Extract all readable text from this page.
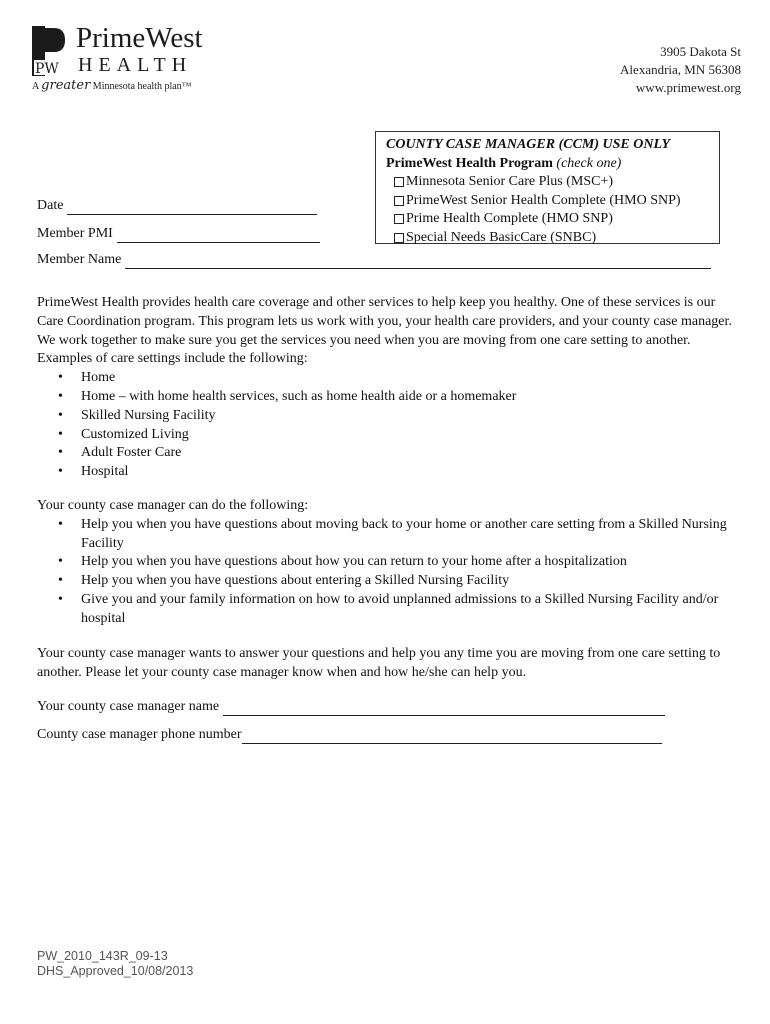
PW
PrimeWest
HEALTH
A greater Minnesota health plan™
3905 Dakota St
Alexandria, MN 56308
www.primewest.org
COUNTY CASE MANAGER (CCM) USE ONLY
PrimeWest Health Program (check one)
Minnesota Senior Care Plus (MSC+)
PrimeWest Senior Health Complete (HMO SNP)
Prime Health Complete (HMO SNP)
Special Needs BasicCare (SNBC)
Date
Member PMI
Member Name

PrimeWest Health provides health care coverage and other services to help keep you healthy. One of these services is our Care Coordination program. This program lets us work with you, your health care providers, and your county case manager. We work together to make sure you get the services you need when you are moving from one care setting to another. Examples of care settings include the following:

• Home
• Home – with home health services, such as home health aide or a homemaker
• Skilled Nursing Facility
• Customized Living
• Adult Foster Care
• Hospital

Your county case manager can do the following:

• Help you when you have questions about moving back to your home or another care setting from a Skilled Nursing Facility
• Help you when you have questions about how you can return to your home after a hospitalization
• Help you when you have questions about entering a Skilled Nursing Facility
• Give you and your family information on how to avoid unplanned admissions to a Skilled Nursing Facility and/or hospital

Your county case manager wants to answer your questions and help you any time you are moving from one care setting to another. Please let your county case manager know when and how he/she can help you.

Your county case manager name
County case manager phone number
PW_2010_143R_09-13
DHS_Approved_10/08/2013
